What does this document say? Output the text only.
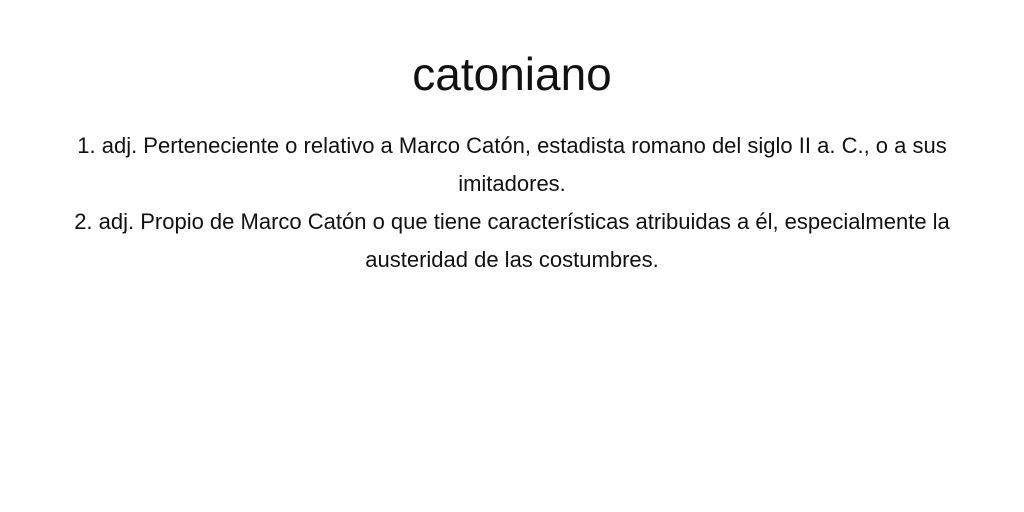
catoniano
1. adj. Perteneciente o relativo a Marco Catón, estadista romano del siglo II a. C., o a sus imitadores.
2. adj. Propio de Marco Catón o que tiene características atribuidas a él, especialmente la austeridad de las costumbres.
